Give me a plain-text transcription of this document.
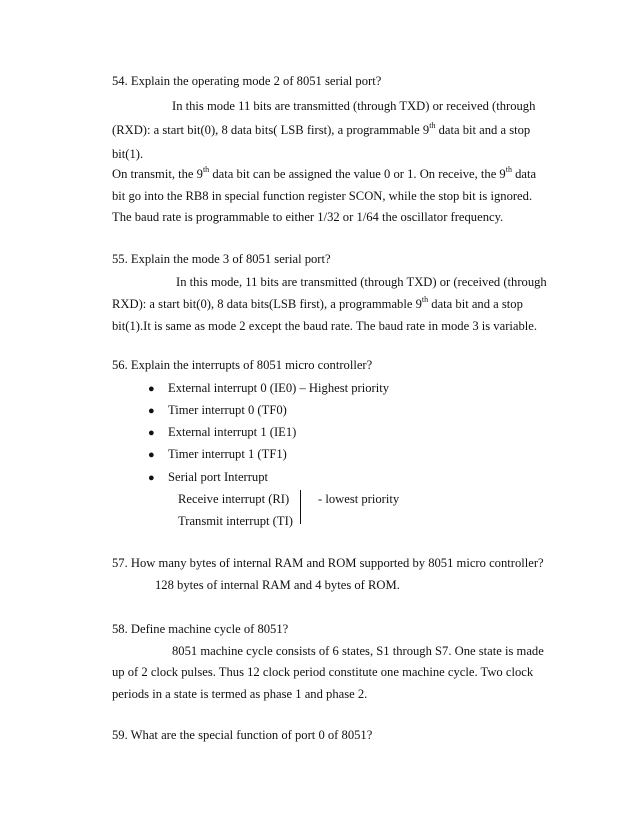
54. Explain the operating mode 2 of 8051 serial port?
In this mode 11 bits are transmitted (through TXD) or received (through
(RXD): a start bit(0), 8 data bits( LSB first), a programmable 9th data bit and a stop
bit(1).
On transmit, the 9th data bit can be assigned the value 0 or 1. On receive, the 9th data
bit go into the RB8 in special function register SCON, while the stop bit is ignored.
The baud rate is programmable to either 1/32 or 1/64 the oscillator frequency.
55. Explain the mode 3 of 8051 serial port?
In this mode, 11 bits are transmitted (through TXD) or (received (through
RXD): a start bit(0), 8 data bits(LSB first), a programmable 9th data bit and a stop
bit(1).It is same as mode 2 except the baud rate. The baud rate in mode 3 is variable.
56. Explain the interrupts of 8051 micro controller?
● External interrupt 0 (IE0) – Highest priority
● Timer interrupt 0 (TF0)
● External interrupt 1 (IE1)
● Timer interrupt 1 (TF1)
● Serial port Interrupt
Receive interrupt (RI)
Transmit interrupt (TI)
- lowest priority
57. How many bytes of internal RAM and ROM supported by 8051 micro controller?
128 bytes of internal RAM and 4 bytes of ROM.
58. Define machine cycle of 8051?
8051 machine cycle consists of 6 states, S1 through S7. One state is made
up of 2 clock pulses. Thus 12 clock period constitute one machine cycle. Two clock
periods in a state is termed as phase 1 and phase 2.
59. What are the special function of port 0 of 8051?
